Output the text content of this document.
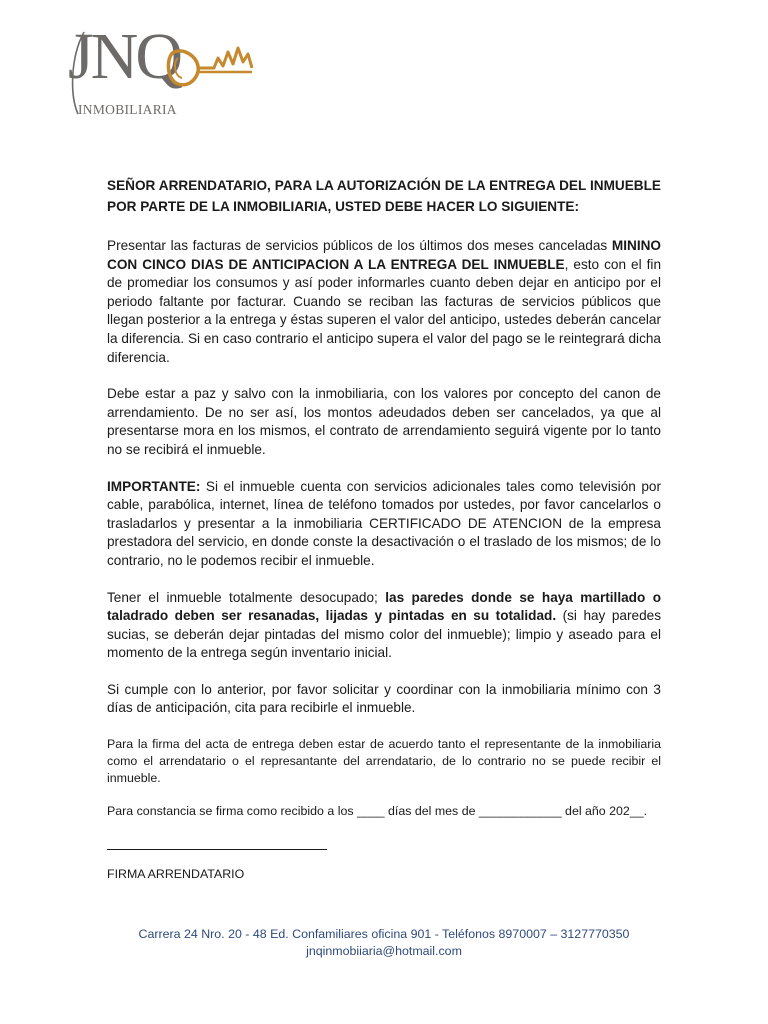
JNQ
INMOBILIARIA

SEÑOR ARRENDATARIO, PARA LA AUTORIZACIÓN DE LA ENTREGA DEL INMUEBLE POR PARTE DE LA INMOBILIARIA, USTED DEBE HACER LO SIGUIENTE:

Presentar las facturas de servicios públicos de los últimos dos meses canceladas MININO CON CINCO DIAS DE ANTICIPACION A LA ENTREGA DEL INMUEBLE, esto con el fin de promediar los consumos y así poder informarles cuanto deben dejar en anticipo por el periodo faltante por facturar. Cuando se reciban las facturas de servicios públicos que llegan posterior a la entrega y éstas superen el valor del anticipo, ustedes deberán cancelar la diferencia. Si en caso contrario el anticipo supera el valor del pago se le reintegrará dicha diferencia.

Debe estar a paz y salvo con la inmobiliaria, con los valores por concepto del canon de arrendamiento. De no ser así, los montos adeudados deben ser cancelados, ya que al presentarse mora en los mismos, el contrato de arrendamiento seguirá vigente por lo tanto no se recibirá el inmueble.

IMPORTANTE: Si el inmueble cuenta con servicios adicionales tales como televisión por cable, parabólica, internet, línea de teléfono tomados por ustedes, por favor cancelarlos o trasladarlos y presentar a la inmobiliaria CERTIFICADO DE ATENCION de la empresa prestadora del servicio, en donde conste la desactivación o el traslado de los mismos; de lo contrario, no le podemos recibir el inmueble.

Tener el inmueble totalmente desocupado; las paredes donde se haya martillado o taladrado deben ser resanadas, lijadas y pintadas en su totalidad. (si hay paredes sucias, se deberán dejar pintadas del mismo color del inmueble); limpio y aseado para el momento de la entrega según inventario inicial.

Si cumple con lo anterior, por favor solicitar y coordinar con la inmobiliaria mínimo con 3 días de anticipación, cita para recibirle el inmueble.

Para la firma del acta de entrega deben estar de acuerdo tanto el representante de la inmobiliaria como el arrendatario o el represantante del arrendatario, de lo contrario no se puede recibir el inmueble.

Para constancia se firma como recibido a los ____ días del mes de ____________ del año 202__.

FIRMA ARRENDATARIO
Carrera 24 Nro. 20 - 48 Ed. Confamiliares oficina 901 - Teléfonos 8970007 – 3127770350
jnqinmobiiaria@hotmail.com
